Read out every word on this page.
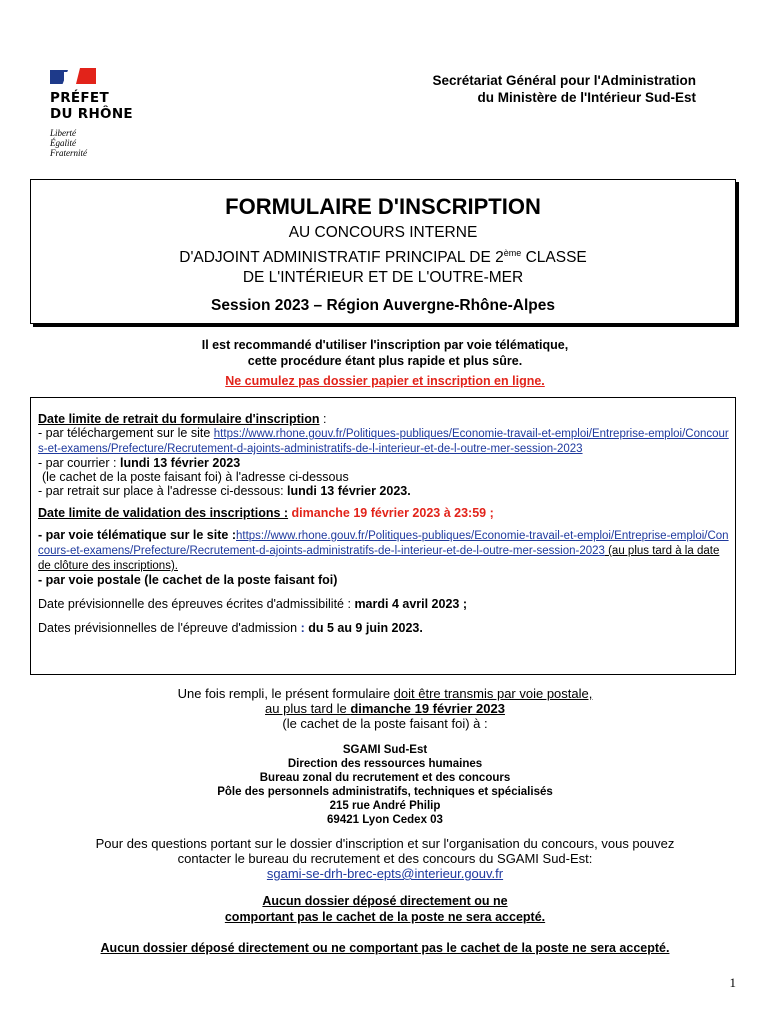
PRÉFET
DU RHÔNE
Liberté
Égalité
Fraternité
Secrétariat Général pour l'Administration
du Ministère de l'Intérieur Sud-Est
FORMULAIRE D'INSCRIPTION
AU CONCOURS INTERNE
D'ADJOINT ADMINISTRATIF PRINCIPAL DE 2ème CLASSE
DE L'INTÉRIEUR ET DE L'OUTRE-MER
Session 2023 – Région Auvergne-Rhône-Alpes
Il est recommandé d'utiliser l'inscription par voie télématique,
cette procédure étant plus rapide et plus sûre.
Ne cumulez pas dossier papier et inscription en ligne.
Date limite de retrait du formulaire d'inscription :
- par téléchargement sur le site https://www.rhone.gouv.fr/Politiques-publiques/Economie-travail-et-emploi/Entreprise-emploi/Concours-et-examens/Prefecture/Recrutement-d-ajoints-administratifs-de-l-interieur-et-de-l-outre-mer-session-2023
- par courrier : lundi 13 février 2023
(le cachet de la poste faisant foi) à l'adresse ci-dessous
- par retrait sur place à l'adresse ci-dessous: lundi 13 février 2023.
Date limite de validation des inscriptions : dimanche 19 février 2023 à 23:59 ;
- par voie télématique sur le site :https://www.rhone.gouv.fr/Politiques-publiques/Economie-travail-et-emploi/Entreprise-emploi/Concours-et-examens/Prefecture/Recrutement-d-ajoints-administratifs-de-l-interieur-et-de-l-outre-mer-session-2023 (au plus tard à la date de clôture des inscriptions).
- par voie postale (le cachet de la poste faisant foi)
Date prévisionnelle des épreuves écrites d'admissibilité : mardi 4 avril 2023 ;
Dates prévisionnelles de l'épreuve d'admission : du 5 au 9 juin 2023.
Une fois rempli, le présent formulaire doit être transmis par voie postale,
au plus tard le dimanche 19 février 2023
(le cachet de la poste faisant foi) à :
SGAMI Sud-Est
Direction des ressources humaines
Bureau zonal du recrutement et des concours
Pôle des personnels administratifs, techniques et spécialisés
215 rue André Philip
69421 Lyon Cedex 03
Pour des questions portant sur le dossier d'inscription et sur l'organisation du concours, vous pouvez
contacter le bureau du recrutement et des concours du SGAMI Sud-Est:
sgami-se-drh-brec-epts@interieur.gouv.fr
Aucun dossier déposé directement ou ne
comportant pas le cachet de la poste ne sera accepté.
Aucun dossier déposé directement ou ne comportant pas le cachet de la poste ne sera accepté.
1
